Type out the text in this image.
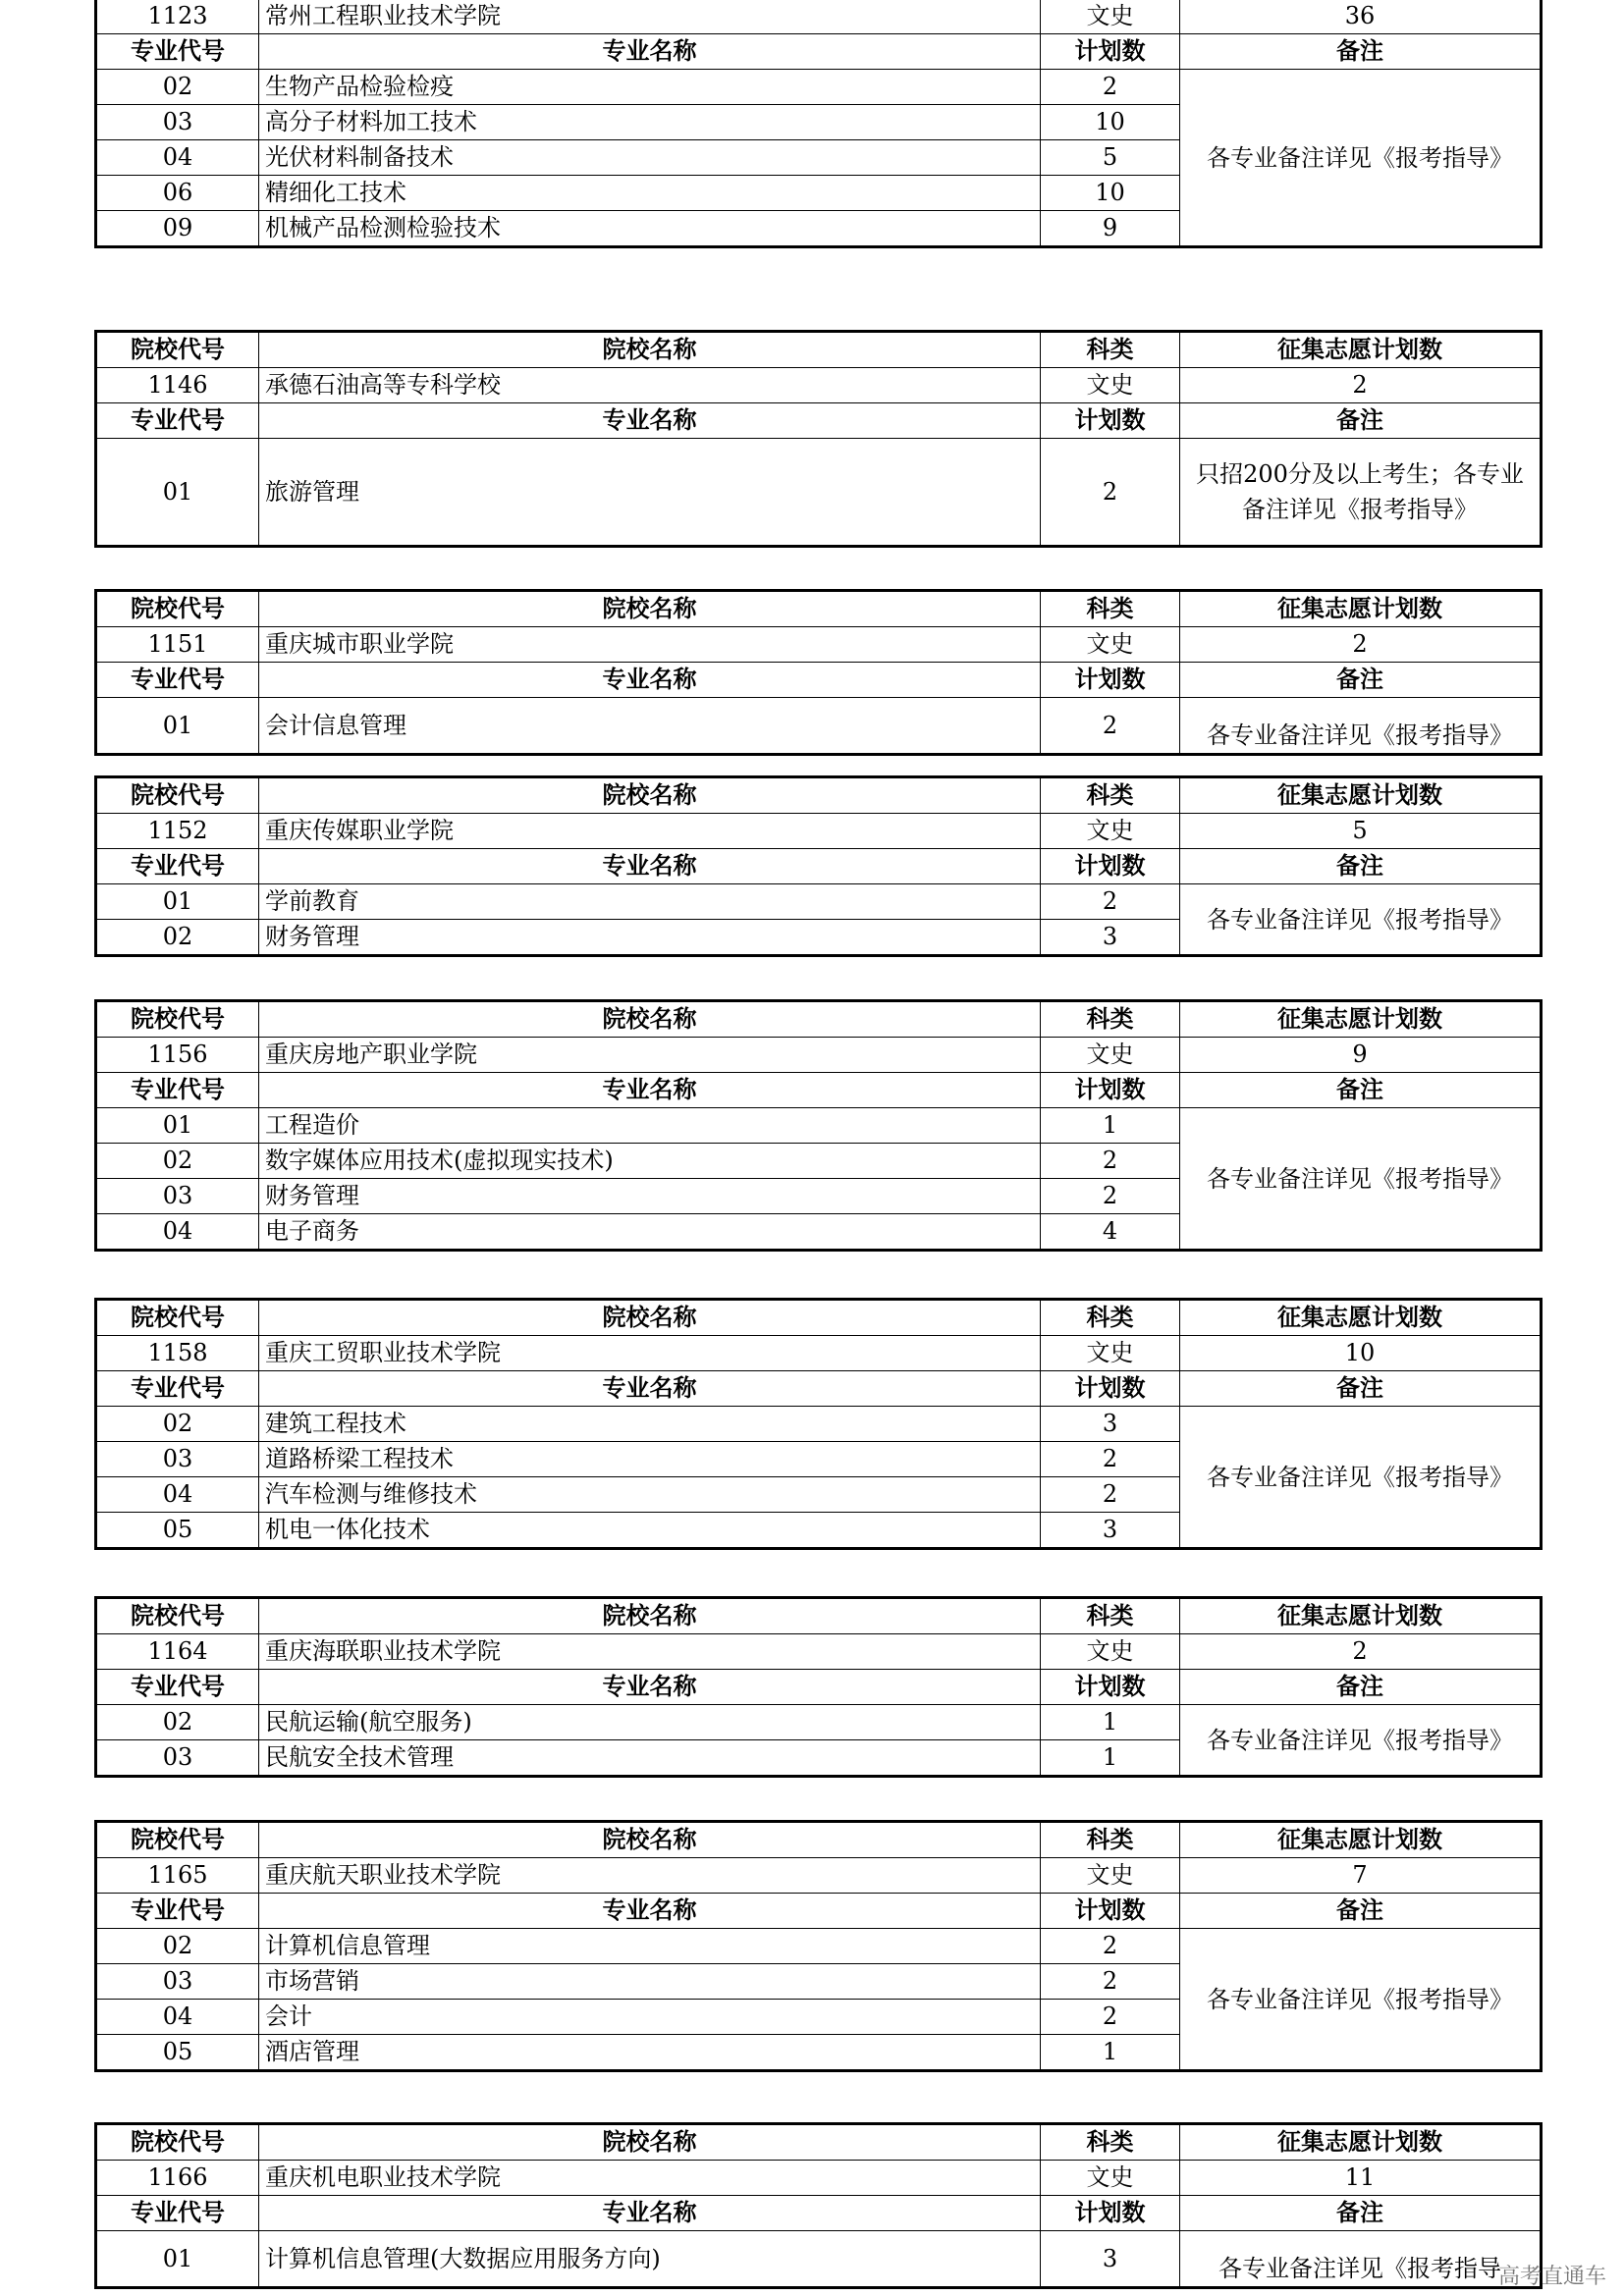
1123	常州工程职业技术学院	文史	36
专业代号	专业名称	计划数	备注
02	生物产品检验检疫	2	各专业备注详见《报考指导》
03	高分子材料加工技术	10	
04	光伏材料制备技术	5	
06	精细化工技术	10	
09	机械产品检测检验技术	9	
院校代号	院校名称	科类	征集志愿计划数
1146	承德石油高等专科学校	文史	2
专业代号	专业名称	计划数	备注
01	旅游管理	2	只招200分及以上考生；各专业备注详见《报考指导》
院校代号	院校名称	科类	征集志愿计划数
1151	重庆城市职业学院	文史	2
专业代号	专业名称	计划数	备注
01	会计信息管理	2	各专业备注详见《报考指导》
院校代号	院校名称	科类	征集志愿计划数
1152	重庆传媒职业学院	文史	5
专业代号	专业名称	计划数	备注
01	学前教育	2	各专业备注详见《报考指导》
02	财务管理	3	
院校代号	院校名称	科类	征集志愿计划数
1156	重庆房地产职业学院	文史	9
专业代号	专业名称	计划数	备注
01	工程造价	1	各专业备注详见《报考指导》
02	数字媒体应用技术(虚拟现实技术)	2	
03	财务管理	2	
04	电子商务	4	
院校代号	院校名称	科类	征集志愿计划数
1158	重庆工贸职业技术学院	文史	10
专业代号	专业名称	计划数	备注
02	建筑工程技术	3	各专业备注详见《报考指导》
03	道路桥梁工程技术	2	
04	汽车检测与维修技术	2	
05	机电一体化技术	3	
院校代号	院校名称	科类	征集志愿计划数
1164	重庆海联职业技术学院	文史	2
专业代号	专业名称	计划数	备注
02	民航运输(航空服务)	1	各专业备注详见《报考指导》
03	民航安全技术管理	1	
院校代号	院校名称	科类	征集志愿计划数
1165	重庆航天职业技术学院	文史	7
专业代号	专业名称	计划数	备注
02	计算机信息管理	2	各专业备注详见《报考指导》
03	市场营销	2	
04	会计	2	
05	酒店管理	1	
院校代号	院校名称	科类	征集志愿计划数
1166	重庆机电职业技术学院	文史	11
专业代号	专业名称	计划数	备注
01	计算机信息管理(大数据应用服务方向)	3	各专业备注详见《报考指导
高考直通车
